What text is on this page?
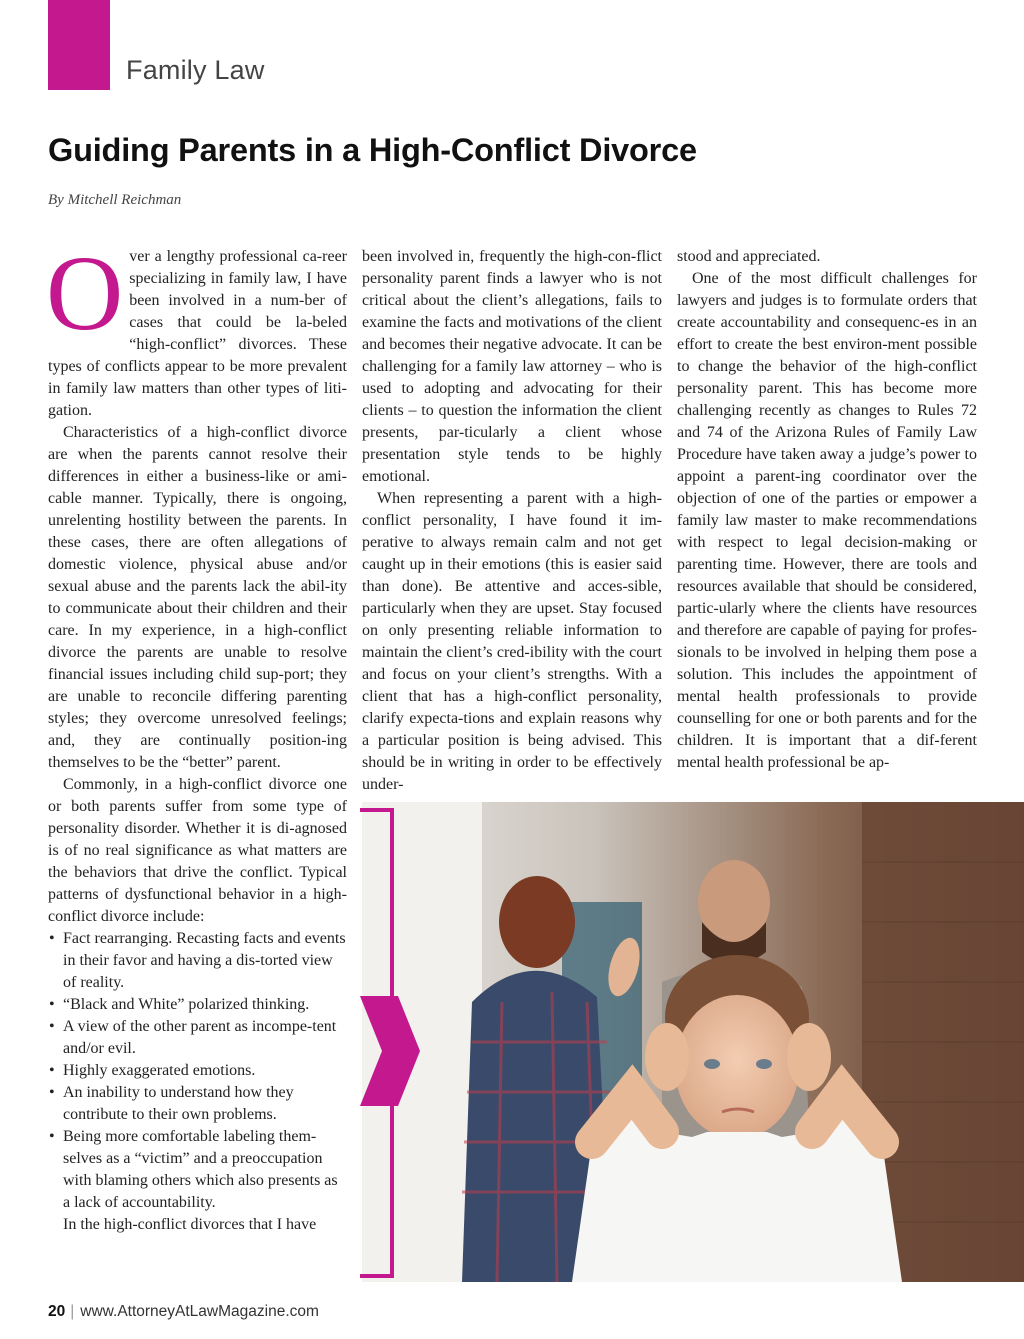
Family Law
Guiding Parents in a High-Conflict Divorce
By Mitchell Reichman

Over a lengthy professional ca-reer specializing in family law, I have been involved in a num-ber of cases that could be la-beled “high-conflict” divorces. These types of conflicts appear to be more prevalent in family law matters than other types of liti-gation.

Characteristics of a high-conflict divorce are when the parents cannot resolve their differences in either a business-like or ami-cable manner. Typically, there is ongoing, unrelenting hostility between the parents. In these cases, there are often allegations of domestic violence, physical abuse and/or sexual abuse and the parents lack the abil-ity to communicate about their children and their care. In my experience, in a high-conflict divorce the parents are unable to resolve financial issues including child sup-port; they are unable to reconcile differing parenting styles; they overcome unresolved feelings; and, they are continually position-ing themselves to be the “better” parent.

Commonly, in a high-conflict divorce one or both parents suffer from some type of personality disorder. Whether it is di-agnosed is of no real significance as what matters are the behaviors that drive the conflict. Typical patterns of dysfunctional behavior in a high-conflict divorce include:

• Fact rearranging. Recasting facts and events in their favor and having a dis-torted view of reality.
• “Black and White” polarized thinking.
• A view of the other parent as incompe-tent and/or evil.
• Highly exaggerated emotions.
• An inability to understand how they contribute to their own problems.
• Being more comfortable labeling them-selves as a “victim” and a preoccupation with blaming others which also presents as a lack of accountability.

In the high-conflict divorces that I have

been involved in, frequently the high-con-flict personality parent finds a lawyer who is not critical about the client’s allegations, fails to examine the facts and motivations of the client and becomes their negative advocate. It can be challenging for a family law attorney – who is used to adopting and advocating for their clients – to question the information the client presents, par-ticularly a client whose presentation style tends to be highly emotional.

When representing a parent with a high-conflict personality, I have found it im-perative to always remain calm and not get caught up in their emotions (this is easier said than done). Be attentive and acces-sible, particularly when they are upset. Stay focused on only presenting reliable information to maintain the client’s cred-ibility with the court and focus on your client’s strengths. With a client that has a high-conflict personality, clarify expecta-tions and explain reasons why a particular position is being advised. This should be in writing in order to be effectively under-

stood and appreciated.

One of the most difficult challenges for lawyers and judges is to formulate orders that create accountability and consequenc-es in an effort to create the best environ-ment possible to change the behavior of the high-conflict personality parent. This has become more challenging recently as changes to Rules 72 and 74 of the Arizona Rules of Family Law Procedure have taken away a judge’s power to appoint a parent-ing coordinator over the objection of one of the parties or empower a family law master to make recommendations with respect to legal decision-making or parenting time. However, there are tools and resources available that should be considered, partic-ularly where the clients have resources and therefore are capable of paying for profes-sionals to be involved in helping them pose a solution. This includes the appointment of mental health professionals to provide counselling for one or both parents and for the children. It is important that a dif-ferent mental health professional be ap-

20 | www.AttorneyAtLawMagazine.com
